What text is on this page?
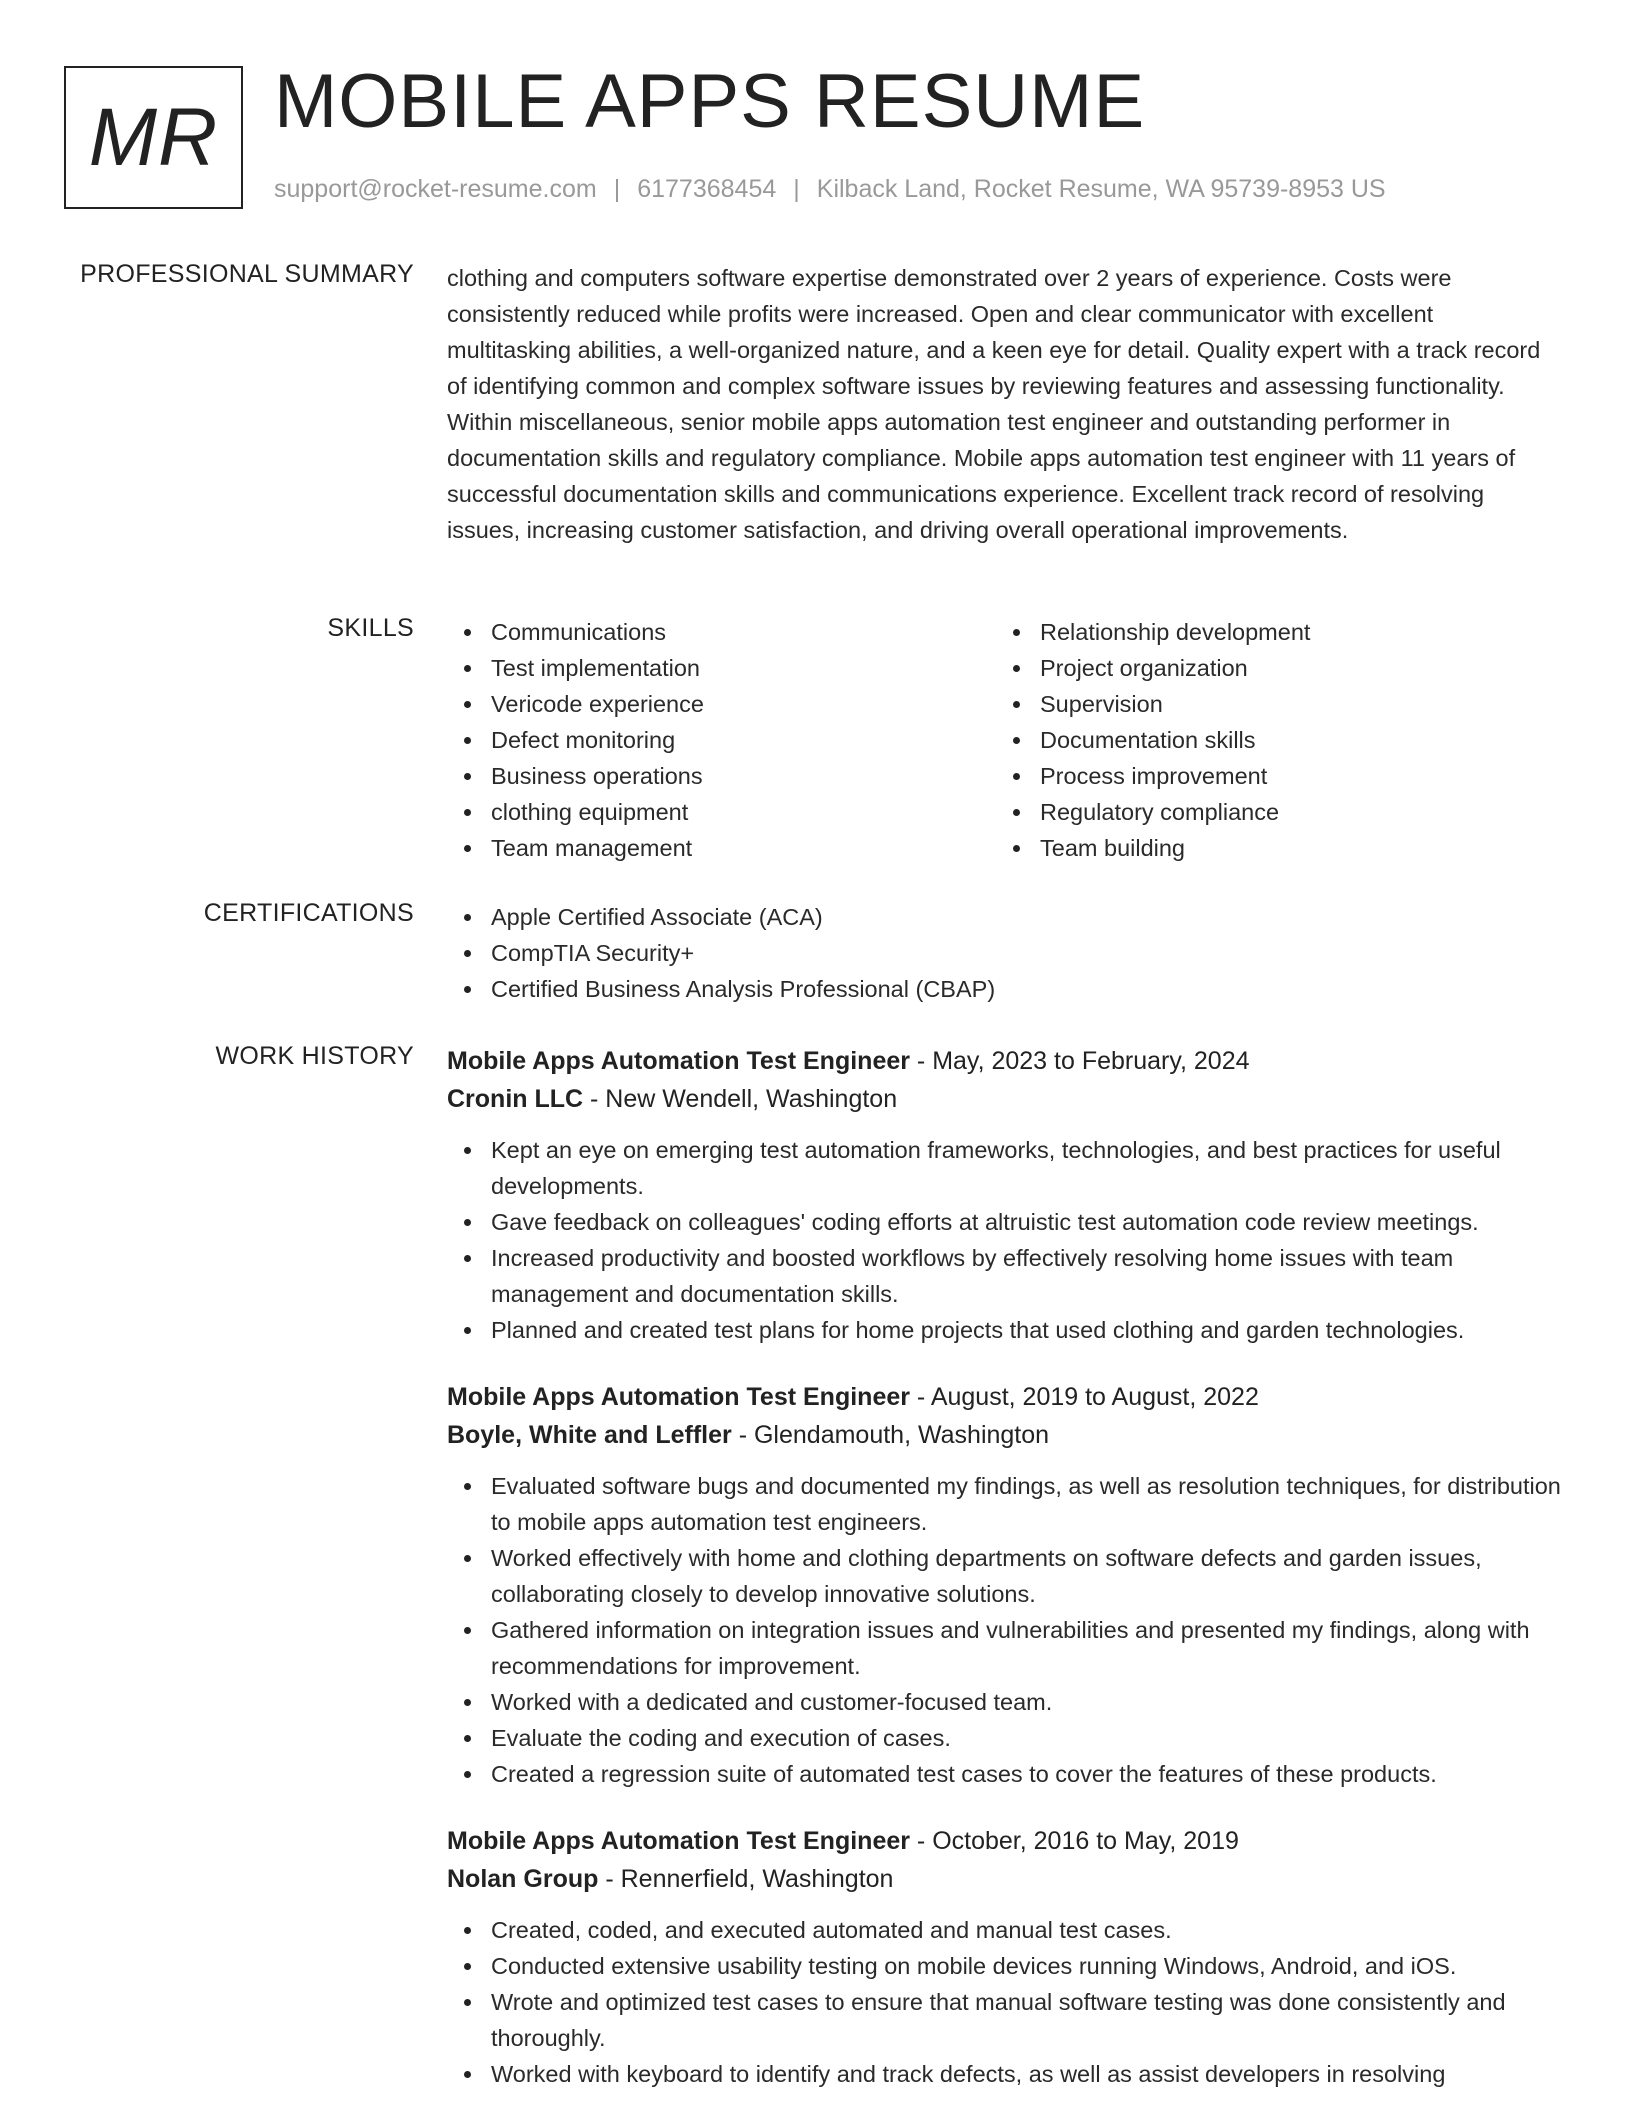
MR MOBILE APPS RESUME
support@rocket-resume.com | 6177368454 | Kilback Land, Rocket Resume, WA 95739-8953 US
PROFESSIONAL SUMMARY clothing and computers software expertise demonstrated over 2 years of experience. Costs were consistently reduced while profits were increased. Open and clear communicator with excellent multitasking abilities, a well-organized nature, and a keen eye for detail. Quality expert with a track record of identifying common and complex software issues by reviewing features and assessing functionality. Within miscellaneous, senior mobile apps automation test engineer and outstanding performer in documentation skills and regulatory compliance. Mobile apps automation test engineer with 11 years of successful documentation skills and communications experience. Excellent track record of resolving issues, increasing customer satisfaction, and driving overall operational improvements.
SKILLS	Communications
Test implementation
Vericode experience
Defect monitoring
Business operations
clothing equipment
Team management
Relationship development
Project organization
Supervision
Documentation skills
Process improvement
Regulatory compliance
Team building
CERTIFICATIONS	Apple Certified Associate (ACA)
CompTIA Security+
Certified Business Analysis Professional (CBAP)
WORK HISTORY Mobile Apps Automation Test Engineer - May, 2023 to February, 2024
Cronin LLC - New Wendell, Washington
Kept an eye on emerging test automation frameworks, technologies, and best practices for useful developments.
Gave feedback on colleagues' coding efforts at altruistic test automation code review meetings.
Increased productivity and boosted workflows by effectively resolving home issues with team management and documentation skills.
Planned and created test plans for home projects that used clothing and garden technologies.
Mobile Apps Automation Test Engineer - August, 2019 to August, 2022
Boyle, White and Leffler - Glendamouth, Washington
Evaluated software bugs and documented my findings, as well as resolution techniques, for distribution to mobile apps automation test engineers.
Worked effectively with home and clothing departments on software defects and garden issues, collaborating closely to develop innovative solutions.
Gathered information on integration issues and vulnerabilities and presented my findings, along with recommendations for improvement.
Worked with a dedicated and customer-focused team.
Evaluate the coding and execution of cases.
Created a regression suite of automated test cases to cover the features of these products.
Mobile Apps Automation Test Engineer - October, 2016 to May, 2019
Nolan Group - Rennerfield, Washington
Created, coded, and executed automated and manual test cases.
Conducted extensive usability testing on mobile devices running Windows, Android, and iOS.
Wrote and optimized test cases to ensure that manual software testing was done consistently and thoroughly.
Worked with keyboard to identify and track defects, as well as assist developers in resolving
